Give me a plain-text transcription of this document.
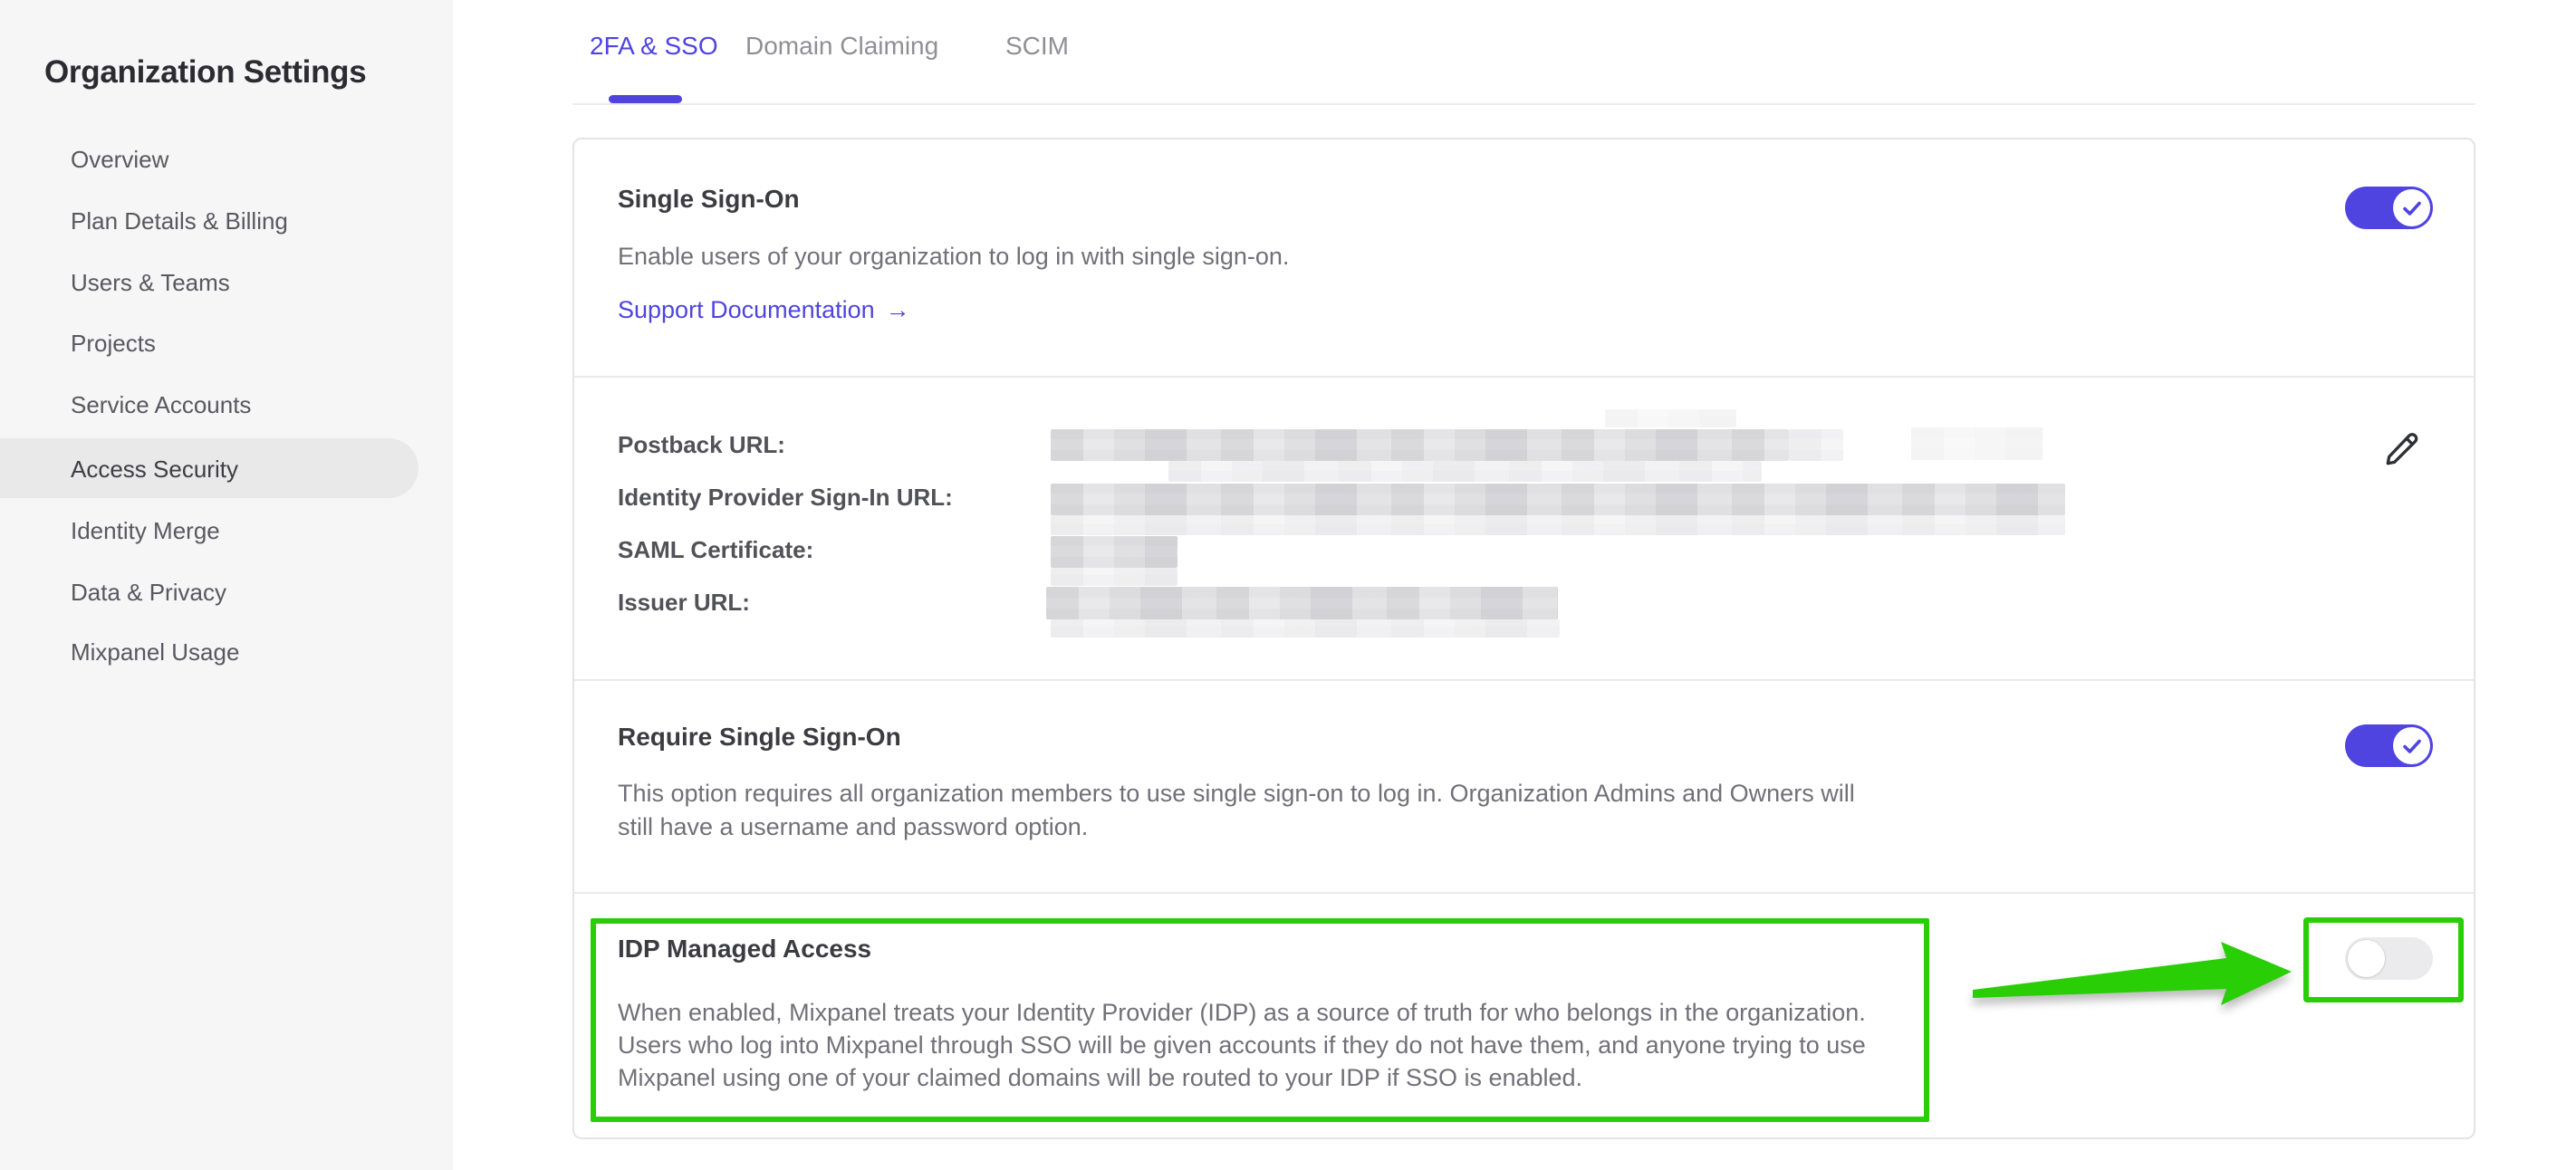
Organization Settings
Overview
Plan Details & Billing
Users & Teams
Projects
Service Accounts
Access Security
Identity Merge
Data & Privacy
Mixpanel Usage
2FA & SSO Domain Claiming	SCIM
Single Sign-On
Enable users of your organization to log in with single sign-on.
Support Documentation →
Postback URL:
Identity Provider Sign-In URL:
SAML Certificate:
Issuer URL:
Require Single Sign-On
This option requires all organization members to use single sign-on to log in. Organization Admins and Owners will
still have a username and password option.
IDP Managed Access
When enabled, Mixpanel treats your Identity Provider (IDP) as a source of truth for who belongs in the organization.
Users who log into Mixpanel through SSO will be given accounts if they do not have them, and anyone trying to use
Mixpanel using one of your claimed domains will be routed to your IDP if SSO is enabled.
